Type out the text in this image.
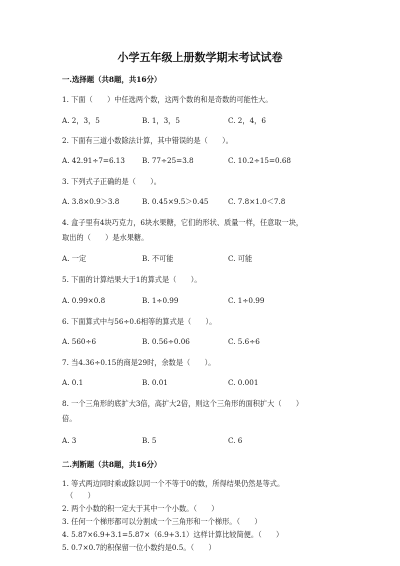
小学五年级上册数学期末考试试卷
一.选择题（共8题，共16分）
1. 下面（　　）中任选两个数，这两个数的和是奇数的可能性大。
A. 2，3，5	B. 1，3，5	C. 2，4，6
2. 下面有三道小数除法计算，其中错误的是（　　）。
A. 42.91÷7=6.13 B. 77÷25=3.8	C. 10.2÷15=0.68
3. 下列式子正确的是（　　）。
A. 3.8×0.9＞3.8	B. 0.45×9.5＞0.45	C. 7.8×1.0＜7.8
4. 盒子里有4块巧克力，6块水果糖，它们的形状、质量一样，任意取一块，
取出的（　　）是水果糖。
A. 一定	B. 不可能	C. 可能
5. 下面的计算结果大于1的算式是（　　）。
A. 0.99×0.8	B. 1÷0.99	C. 1÷0.99
6. 下面算式中与56÷0.6相等的算式是（　　）。
A. 560÷6	B. 0.56÷0.06	C. 5.6÷6
7. 当4.36÷0.15的商是29时，余数是（　　）。
A. 0.1	B. 0.01	C. 0.001
8. 一个三角形的底扩大3倍，高扩大2倍，则这个三角形的面积扩大（　　）
倍。
A. 3	B. 5	C. 6
二.判断题（共8题，共16分）
1. 等式两边同时乘或除以同一个不等于0的数，所得结果仍然是等式。
（　　）
2. 两个小数的积一定大于其中一个小数。（　　）
3. 任何一个梯形都可以分割成一个三角形和一个梯形。（　　）
4. 5.87×6.9+3.1=5.87×（6.9+3.1）这样计算比较简便。（　　）
5. 0.7×0.7的积保留一位小数约是0.5。（　　）
